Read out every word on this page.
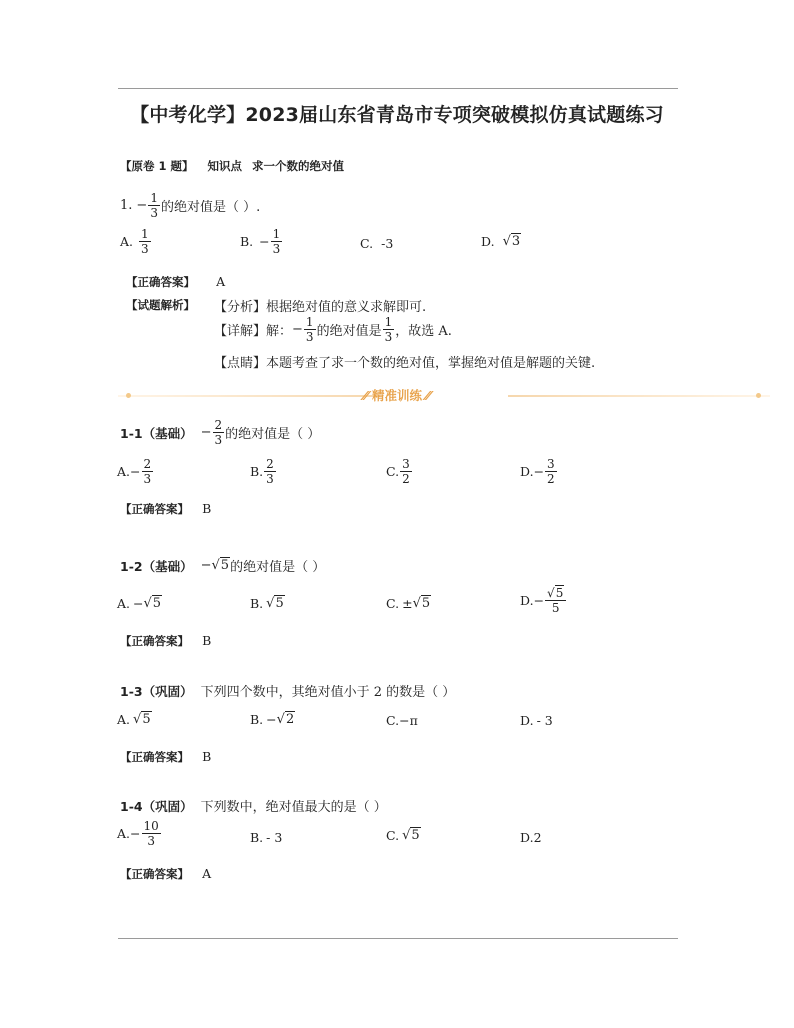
【中考化学】2023届山东省青岛市专项突破模拟仿真试题练习
【原卷 1 题】 知识点 求一个数的绝对值
1. − $\frac{1}{3}$ 的绝对值是（ ）.
A. $\frac{1}{3}$	B. − $\frac{1}{3}$	C. -3	D. √3
【正确答案】 A
【试题解析】 【分析】根据绝对值的意义求解即可.
【详解】解： − $\frac{1}{3}$ 的绝对值是 $\frac{1}{3}$ ，故选 A.
【点睛】本题考查了求一个数的绝对值，掌握绝对值是解题的关键.
⁄⁄ 精准训练 ⁄⁄
1-1（基础） − $\frac{2}{3}$ 的绝对值是（ ）
A. − $\frac{2}{3}$	B. $\frac{2}{3}$	C. $\frac{3}{2}$	D. − $\frac{3}{2}$
【正确答案】 B
1-2（基础） − √5 的绝对值是（ ）
A. − √5	B. √5	C. ± √5	D. − $\frac{√5}{5}$
【正确答案】 B
1-3（巩固） 下列四个数中，其绝对值小于 2 的数是（ ）
A. √5	B. − √2	C. −π	D. - 3
【正确答案】 B
1-4（巩固） 下列数中，绝对值最大的是（ ）
A. − $\frac{10}{3}$	B. - 3	C. √5	D. 2
【正确答案】 A
